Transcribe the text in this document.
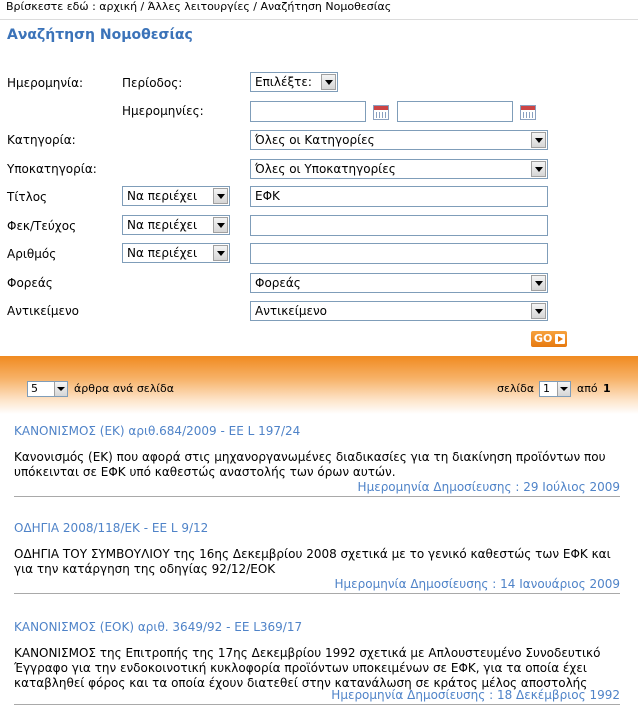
Βρίσκεστε εδώ : αρχική / Άλλες λειτουργίες / Αναζήτηση Νομοθεσίας
Αναζήτηση Νομοθεσίας
Ημερομηνία:	Περίοδος:	Επιλέξτε:
Ημερομηνίες:
Κατηγορία:	Όλες οι Κατηγορίες
Υποκατηγορία:	Όλες οι Υποκατηγορίες
Τίτλος	Να περιέχει	ΕΦΚ
Φεκ/Τεύχος	Να περιέχει
Αριθμός	Να περιέχει
Φορεάς	Φορεάς
Αντικείμενο	Αντικείμενο
GO
5	άρθρα ανά σελίδα	σελίδα 1	από 1
ΚΑΝΟΝΙΣΜΟΣ (ΕΚ) αριθ.684/2009 - ΕΕ L 197/24
Κανονισμός (ΕΚ) που αφορά στις μηχανοργανωμένες διαδικασίες για τη διακίνηση προϊόντων που υπόκεινται σε ΕΦΚ υπό καθεστώς αναστολής των όρων αυτών.
Ημερομηνία Δημοσίευσης : 29 Ιούλιος 2009
ΟΔΗΓΙΑ 2008/118/ΕΚ - ΕΕ L 9/12
ΟΔΗΓΙΑ ΤΟΥ ΣΥΜΒΟΥΛΙΟΥ της 16ης Δεκεμβρίου 2008 σχετικά με το γενικό καθεστώς των ΕΦΚ και για την κατάργηση της οδηγίας 92/12/ΕΟΚ
Ημερομηνία Δημοσίευσης : 14 Ιανουάριος 2009
ΚΑΝΟΝΙΣΜΟΣ (ΕΟΚ) αριθ. 3649/92 - ΕΕ L369/17
ΚΑΝΟΝΙΣΜΟΣ της Επιτροπής της 17ης Δεκεμβρίου 1992 σχετικά με Απλουστευμένο Συνοδευτικό Έγγραφο για την ενδοκοινοτική κυκλοφορία προϊόντων υποκειμένων σε ΕΦΚ, για τα οποία έχει καταβληθεί φόρος και τα οποία έχουν διατεθεί στην κατανάλωση σε κράτος μέλος αποστολής
Ημερομηνία Δημοσίευσης : 18 Δεκέμβριος 1992
